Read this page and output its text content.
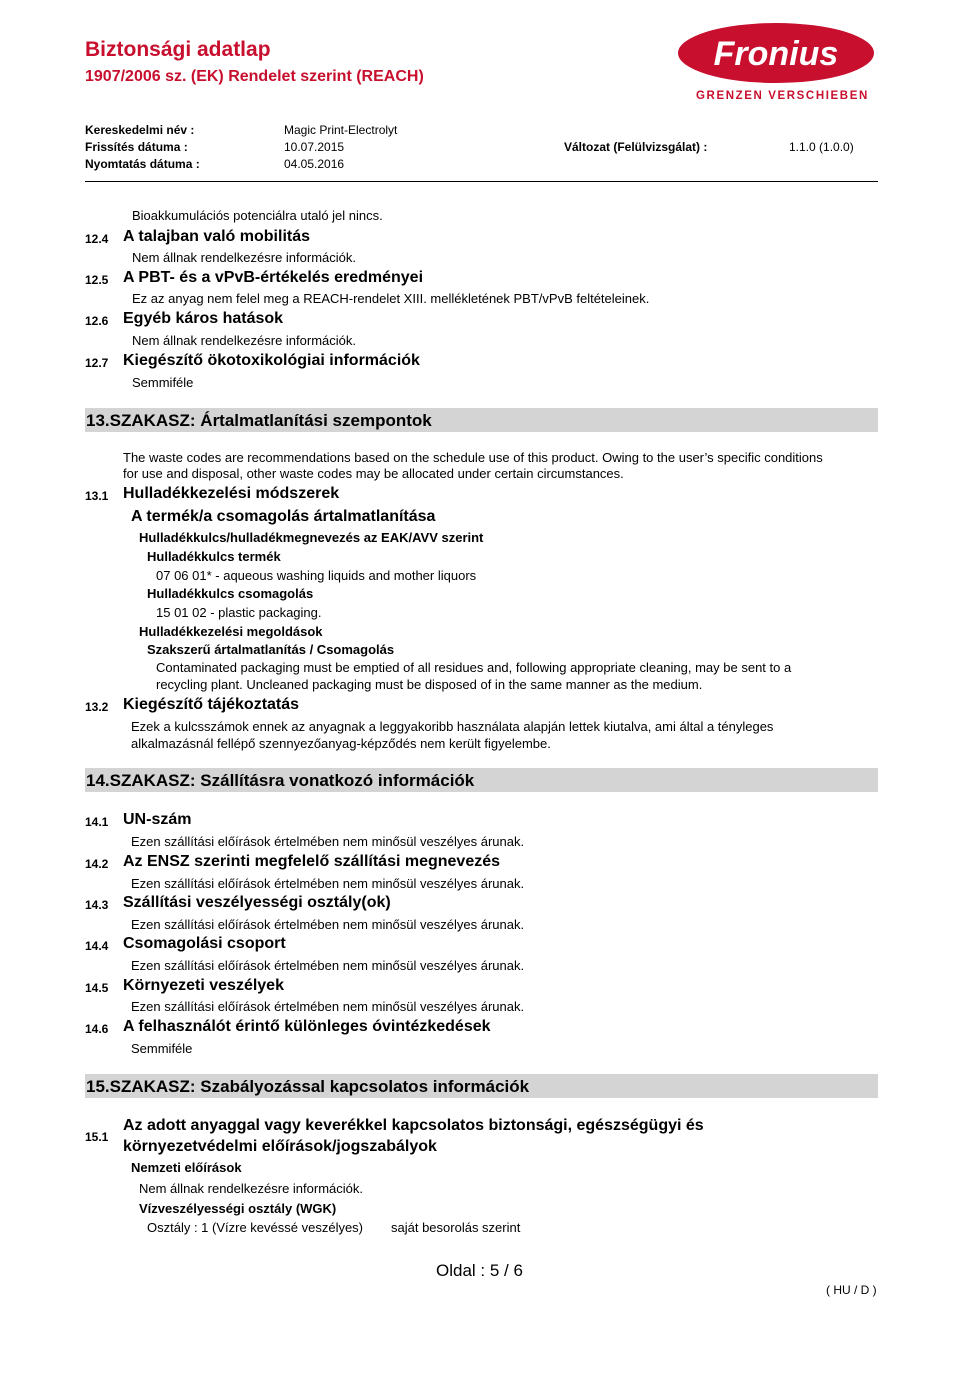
Biztonsági adatlap
1907/2006 sz. (EK) Rendelet szerint (REACH)
Fronius
GRENZEN VERSCHIEBEN
Kereskedelmi név :	Magic Print-Electrolyt
Frissítés dátuma :	10.07.2015	Változat (Felülvizsgálat) :	1.1.0 (1.0.0)
Nyomtatás dátuma :	04.05.2016
Bioakkumulációs potenciálra utaló jel nincs.
12.4 A talajban való mobilitás
Nem állnak rendelkezésre információk.
12.5 A PBT- és a vPvB-értékelés eredményei
Ez az anyag nem felel meg a REACH-rendelet XIII. mellékletének PBT/vPvB feltételeinek.
12.6 Egyéb káros hatások
Nem állnak rendelkezésre információk.
12.7 Kiegészítő ökotoxikológiai információk
Semmiféle
13.SZAKASZ: Ártalmatlanítási szempontok
The waste codes are recommendations based on the schedule use of this product. Owing to the user’s specific conditions
for use and disposal, other waste codes may be allocated under certain circumstances.
13.1 Hulladékkezelési módszerek
A termék/a csomagolás ártalmatlanítása
Hulladékkulcs/hulladékmegnevezés az EAK/AVV szerint
Hulladékkulcs termék
07 06 01* - aqueous washing liquids and mother liquors
Hulladékkulcs csomagolás
15 01 02 - plastic packaging.
Hulladékkezelési megoldások
Szakszerű ártalmatlanítás / Csomagolás
Contaminated packaging must be emptied of all residues and, following appropriate cleaning, may be sent to a
recycling plant. Uncleaned packaging must be disposed of in the same manner as the medium.
13.2 Kiegészítő tájékoztatás
Ezek a kulcsszámok ennek az anyagnak a leggyakoribb használata alapján lettek kiutalva, ami által a tényleges
alkalmazásnál fellépő szennyezőanyag-képződés nem került figyelembe.
14.SZAKASZ: Szállításra vonatkozó információk
14.1 UN-szám
Ezen szállítási előírások értelmében nem minősül veszélyes árunak.
14.2 Az ENSZ szerinti megfelelő szállítási megnevezés
Ezen szállítási előírások értelmében nem minősül veszélyes árunak.
14.3 Szállítási veszélyességi osztály(ok)
Ezen szállítási előírások értelmében nem minősül veszélyes árunak.
14.4 Csomagolási csoport
Ezen szállítási előírások értelmében nem minősül veszélyes árunak.
14.5 Környezeti veszélyek
Ezen szállítási előírások értelmében nem minősül veszélyes árunak.
14.6 A felhasználót érintő különleges óvintézkedések
Semmiféle
15.SZAKASZ: Szabályozással kapcsolatos információk
15.1
Az adott anyaggal vagy keverékkel kapcsolatos biztonsági, egészségügyi és
környezetvédelmi előírások/jogszabályok
Nemzeti előírások
Nem állnak rendelkezésre információk.
Vízveszélyességi osztály (WGK)
Osztály : 1 (Vízre kevéssé veszélyes) saját besorolás szerint
Oldal : 5 / 6
( HU / D )
